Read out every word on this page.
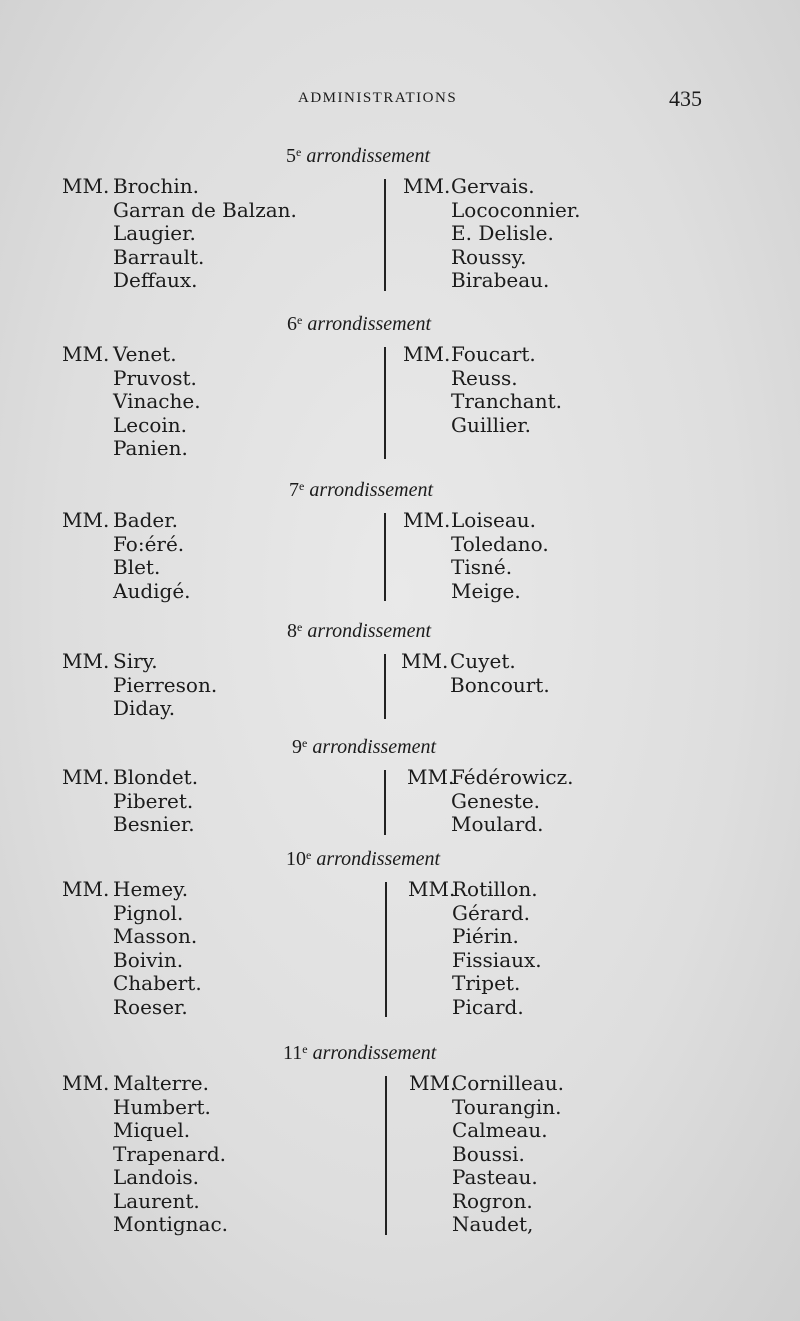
ADMINISTRATIONS	435
5e arrondissement
MM. Brochin.
Garran de Balzan.
Laugier.
Barrault.
Deffaux.
MM. Gervais.
Lococonnier.
E. Delisle.
Roussy.
Birabeau.
6e arrondissement
MM. Venet.
Pruvost.
Vinache.
Lecoin.
Panien.
MM. Foucart.
Reuss.
Tranchant.
Guillier.
7e arrondissement
MM. Bader.
Fo:éré.
Blet.
Audigé.
MM. Loiseau.
Toledano.
Tisné.
Meige.
8e arrondissement
MM. Siry.
Pierreson.
Diday.
MM. Cuyet.
Boncourt.
9e arrondissement
MM. Blondet.
Piberet.
Besnier.
MM.
Fédérowicz.
Geneste.
Moulard.
10e arrondissement
MM. Hemey.
Pignol.
Masson.
Boivin.
Chabert.
Roeser.
MM.
Rotillon.
Gérard.
Piérin.
Fissiaux.
Tripet.
Picard.
11e arrondissement
MM. Malterre.
Humbert.
Miquel.
Trapenard.
Landois.
Laurent.
Montignac.
MM.
Cornilleau.
Tourangin.
Calmeau.
Boussi.
Pasteau.
Rogron.
Naudet,
